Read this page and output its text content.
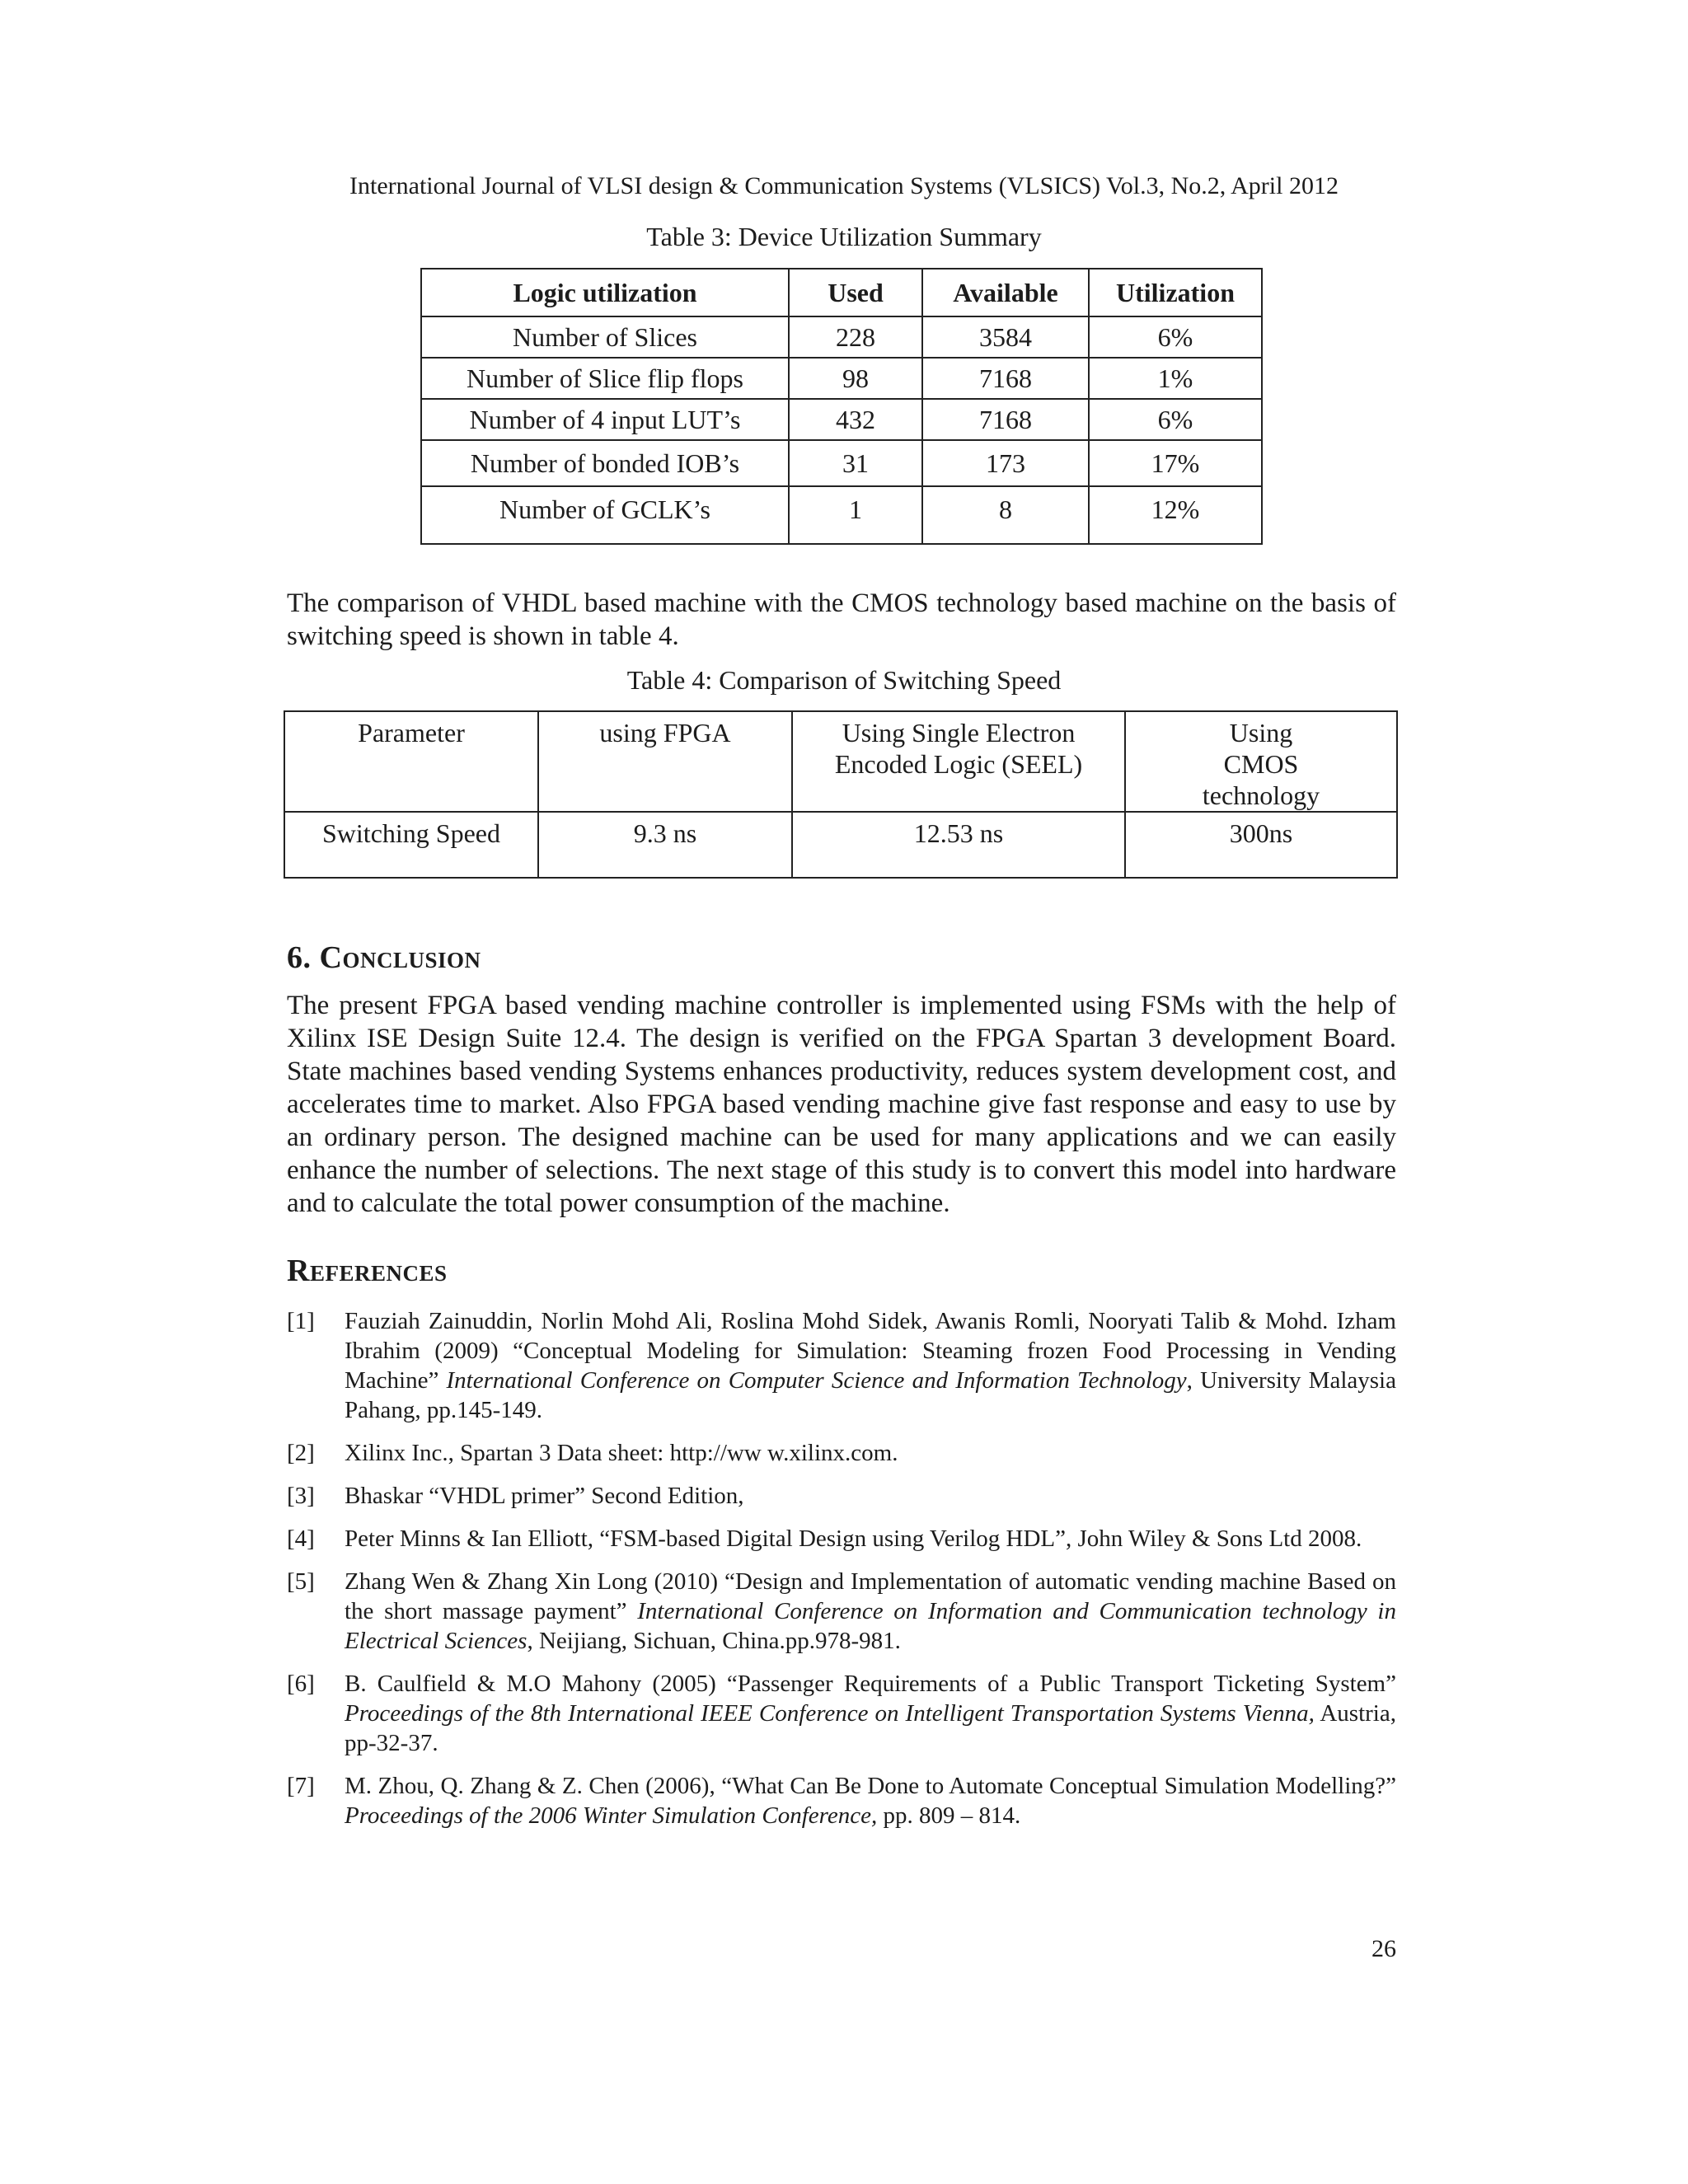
International Journal of VLSI design & Communication Systems (VLSICS) Vol.3, No.2, April 2012
Table 3: Device Utilization Summary
Logic utilization	Used	Available	Utilization
Number of Slices	228	3584	6%
Number of Slice flip flops	98	7168	1%
Number of 4 input LUT’s	432	7168	6%
Number of bonded IOB’s	31	173	17%
Number of GCLK’s	1	8	12%
The comparison of VHDL based machine with the CMOS technology based machine on the basis of switching speed is shown in table 4.
Table 4: Comparison of Switching Speed
Parameter	using FPGA	Using Single Electron Encoded Logic (SEEL)	Using CMOS technology
Switching Speed	9.3 ns	12.53 ns	300ns
6. Conclusion
The present FPGA based vending machine controller is implemented using FSMs with the help of Xilinx ISE Design Suite 12.4. The design is verified on the FPGA Spartan 3 development Board. State machines based vending Systems enhances productivity, reduces system development cost, and accelerates time to market. Also FPGA based vending machine give fast response and easy to use by an ordinary person. The designed machine can be used for many applications and we can easily enhance the number of selections. The next stage of this study is to convert this model into hardware and to calculate the total power consumption of the machine.
References
[1] Fauziah Zainuddin, Norlin Mohd Ali, Roslina Mohd Sidek, Awanis Romli, Nooryati Talib & Mohd. Izham Ibrahim (2009) “Conceptual Modeling for Simulation: Steaming frozen Food Processing in Vending Machine” International Conference on Computer Science and Information Technology, University Malaysia Pahang, pp.145-149.
[2] Xilinx Inc., Spartan 3 Data sheet: http://ww w.xilinx.com.
[3] Bhaskar “VHDL primer” Second Edition,
[4] Peter Minns & Ian Elliott, “FSM-based Digital Design using Verilog HDL”, John Wiley & Sons Ltd 2008.
[5] Zhang Wen & Zhang Xin Long (2010) “Design and Implementation of automatic vending machine Based on the short massage payment” International Conference on Information and Communication technology in Electrical Sciences, Neijiang, Sichuan, China.pp.978-981.
[6] B. Caulfield & M.O Mahony (2005) “Passenger Requirements of a Public Transport Ticketing System” Proceedings of the 8th International IEEE Conference on Intelligent Transportation Systems Vienna, Austria, pp-32-37.
[7] M. Zhou, Q. Zhang & Z. Chen (2006), “What Can Be Done to Automate Conceptual Simulation Modelling?” Proceedings of the 2006 Winter Simulation Conference, pp. 809 – 814.
26
